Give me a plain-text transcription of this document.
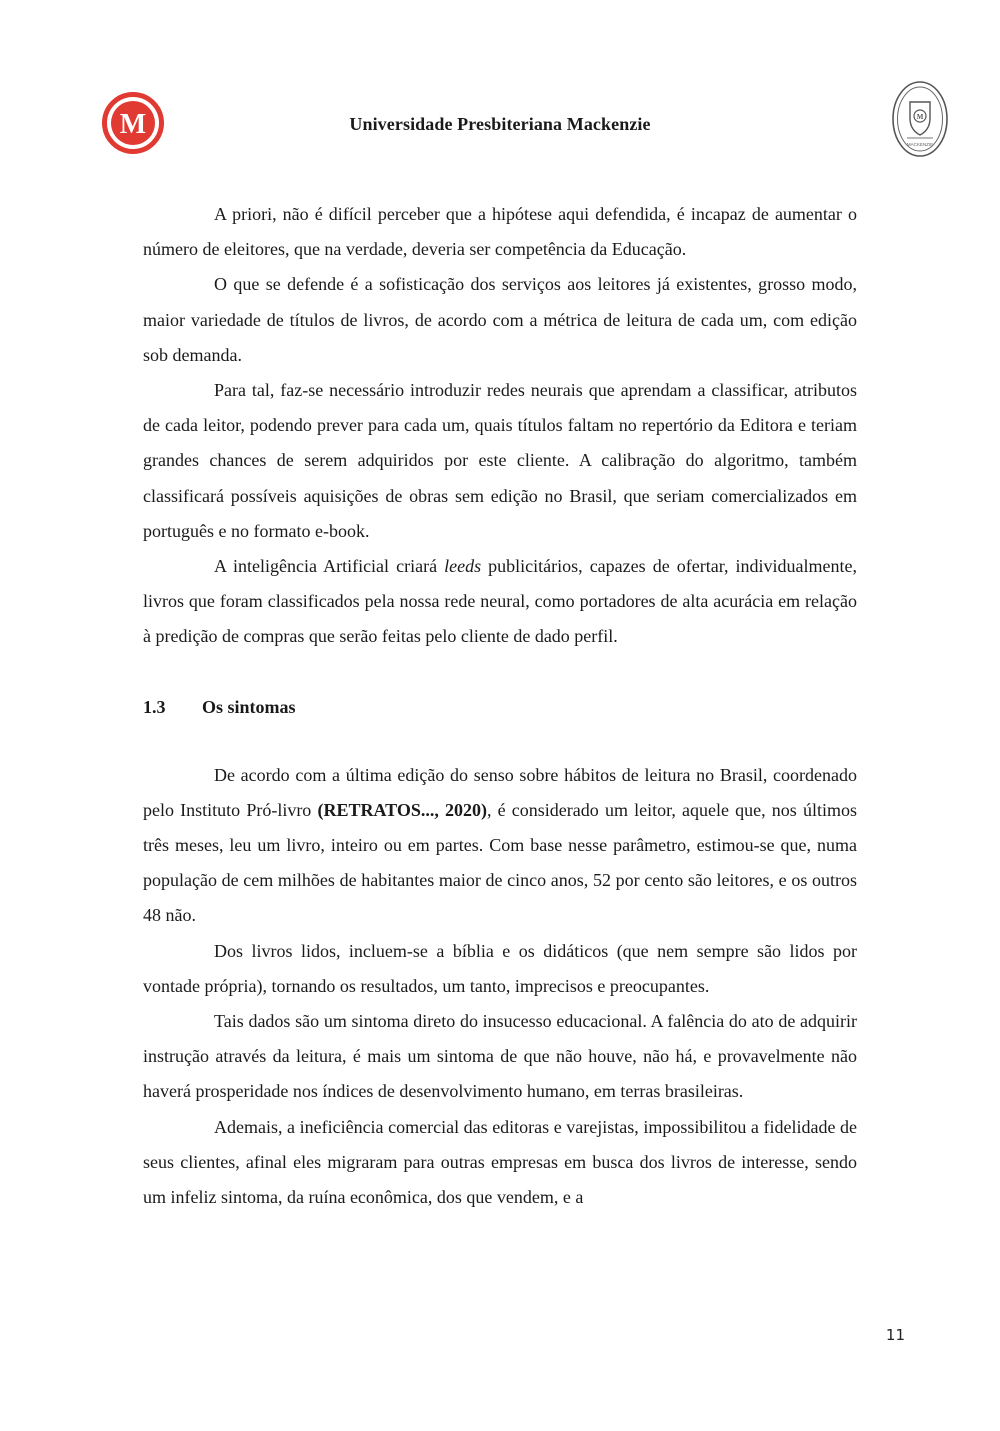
M	Universidade Presbiteriana Mackenzie	M
MACKENZIE

A priori, não é difícil perceber que a hipótese aqui defendida, é incapaz de aumentar o número de eleitores, que na verdade, deveria ser competência da Educação.

O que se defende é a sofisticação dos serviços aos leitores já existentes, grosso modo, maior variedade de títulos de livros, de acordo com a métrica de leitura de cada um, com edição sob demanda.

Para tal, faz-se necessário introduzir redes neurais que aprendam a classificar, atributos de cada leitor, podendo prever para cada um, quais títulos faltam no repertório da Editora e teriam grandes chances de serem adquiridos por este cliente. A calibração do algoritmo, também classificará possíveis aquisições de obras sem edição no Brasil, que seriam comercializados em português e no formato e-book.

A inteligência Artificial criará leeds publicitários, capazes de ofertar, individualmente, livros que foram classificados pela nossa rede neural, como portadores de alta acurácia em relação à predição de compras que serão feitas pelo cliente de dado perfil.

1.3 Os sintomas

De acordo com a última edição do senso sobre hábitos de leitura no Brasil, coordenado pelo Instituto Pró-livro (RETRATOS..., 2020), é considerado um leitor, aquele que, nos últimos três meses, leu um livro, inteiro ou em partes. Com base nesse parâmetro, estimou-se que, numa população de cem milhões de habitantes maior de cinco anos, 52 por cento são leitores, e os outros 48 não.

Dos livros lidos, incluem-se a bíblia e os didáticos (que nem sempre são lidos por vontade própria), tornando os resultados, um tanto, imprecisos e preocupantes.

Tais dados são um sintoma direto do insucesso educacional. A falência do ato de adquirir instrução através da leitura, é mais um sintoma de que não houve, não há, e provavelmente não haverá prosperidade nos índices de desenvolvimento humano, em terras brasileiras.

Ademais, a ineficiência comercial das editoras e varejistas, impossibilitou a fidelidade de seus clientes, afinal eles migraram para outras empresas em busca dos livros de interesse, sendo um infeliz sintoma, da ruína econômica, dos que vendem, e a

11
